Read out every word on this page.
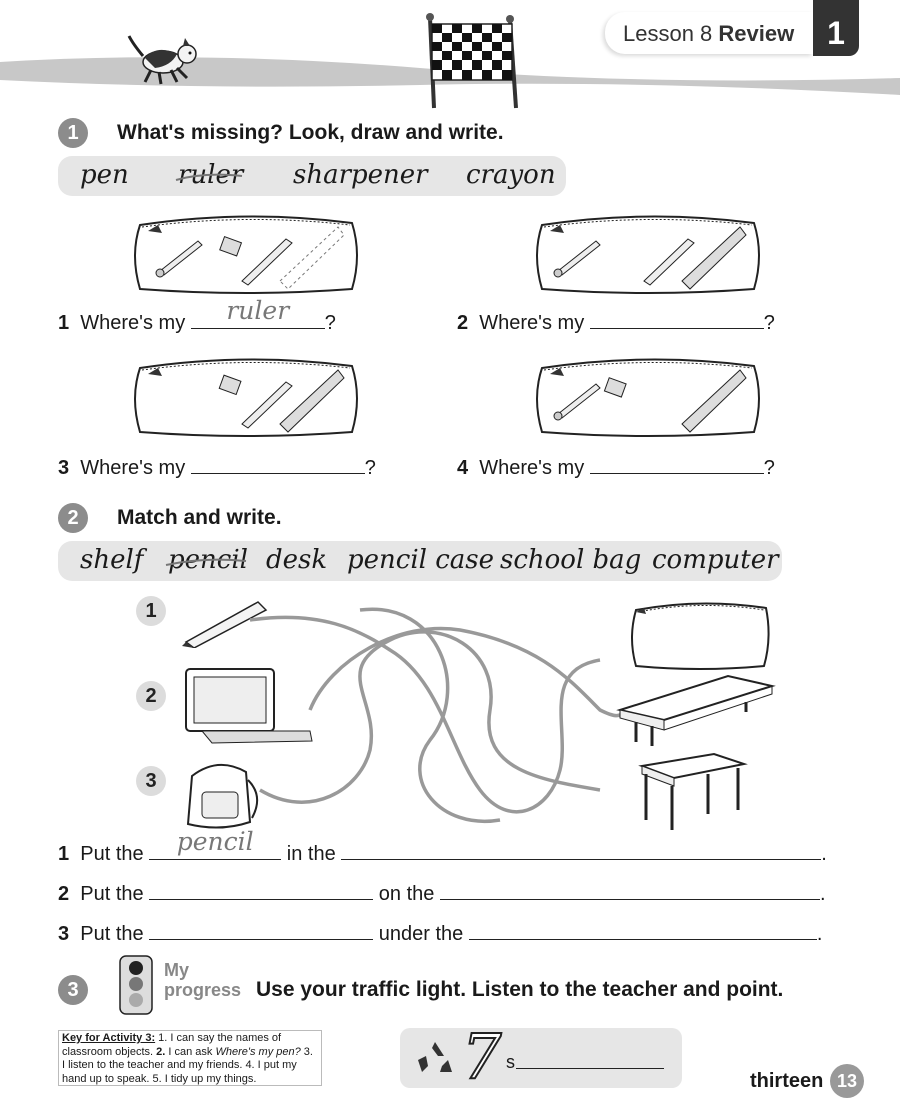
Lesson 8 Review	1
1	What's missing? Look, draw and write.
pen ruler sharpener crayon
1 Where's my	ruler	?	2 Where's my	?
3 Where's my	?	4 Where's my	?
2	Match and write.
shelf pencil desk pencil case school bag computer
1
2
3
1 Put the	pencil	in the	.
2 Put the	on the	.
3 Put the	under the	.
3
My
progress Use your traffic light. Listen to the teacher and point.
Key for Activity 3: 1. I can say the names of classroom objects. 2. I can ask Where's my pen? 3. I listen to the teacher and my friends. 4. I put my hand up to speak. 5. I tidy up my things.	7 s
thirteen 13
